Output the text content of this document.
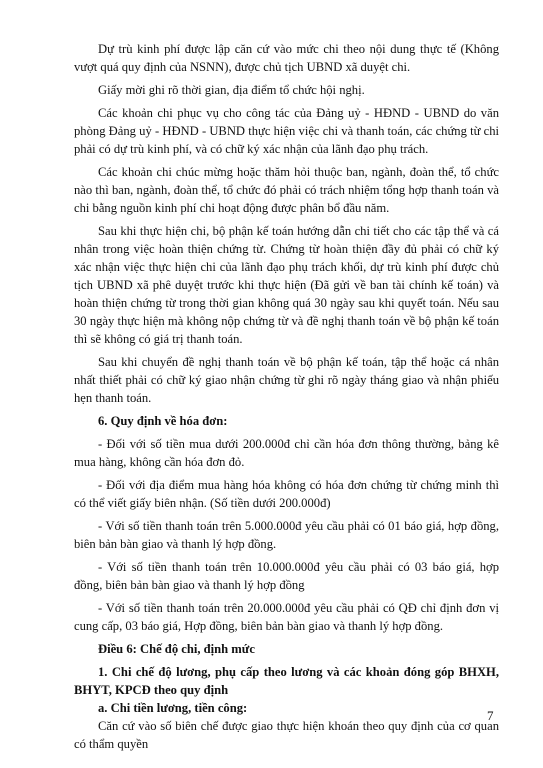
Dự trù kinh phí được lập căn cứ vào mức chi theo nội dung thực tế (Không vượt quá quy định của NSNN), được chủ tịch UBND xã duyệt chi.

Giấy mời ghi rõ thời gian, địa điểm tổ chức hội nghị.

Các khoản chi phục vụ cho công tác của Đảng uỷ - HĐND - UBND do văn phòng Đảng uỷ - HĐND - UBND thực hiện việc chi và thanh toán, các chứng từ chi phải có dự trù kinh phí, và có chữ ký xác nhận của lãnh đạo phụ trách.

Các khoản chi chúc mừng hoặc thăm hỏi thuộc ban, ngành, đoàn thể, tổ chức nào thì ban, ngành, đoàn thể, tổ chức đó phải có trách nhiệm tổng hợp thanh toán và chi bằng nguồn kinh phí chi hoạt động được phân bổ đầu năm.

Sau khi thực hiện chi, bộ phận kế toán hướng dẫn chi tiết cho các tập thể và cá nhân trong việc hoàn thiện chứng từ. Chứng từ hoàn thiện đầy đủ phải có chữ ký xác nhận việc thực hiện chi của lãnh đạo phụ trách khối, dự trù kinh phí được chủ tịch UBND xã phê duyệt trước khi thực hiện (Đã gửi về ban tài chính kế toán) và hoàn thiện chứng từ trong thời gian không quá 30 ngày sau khi quyết toán. Nếu sau 30 ngày thực hiện mà không nộp chứng từ và đề nghị thanh toán về bộ phận kế toán thì sẽ không có giá trị thanh toán.

Sau khi chuyển đề nghị thanh toán về bộ phận kế toán, tập thể hoặc cá nhân nhất thiết phải có chữ ký giao nhận chứng từ ghi rõ ngày tháng giao và nhận phiếu hẹn thanh toán.

6. Quy định về hóa đơn:

- Đối với số tiền mua dưới 200.000đ chỉ cần hóa đơn thông thường, bảng kê mua hàng, không cần hóa đơn đỏ.

- Đối với địa điểm mua hàng hóa không có hóa đơn chứng từ chứng minh thì có thể viết giấy biên nhận. (Số tiền dưới 200.000đ)

- Với số tiền thanh toán trên 5.000.000đ yêu cầu phải có 01 báo giá, hợp đồng, biên bản bàn giao và thanh lý hợp đồng.

- Với số tiền thanh toán trên 10.000.000đ yêu cầu phải có 03 báo giá, hợp đồng, biên bản bàn giao và thanh lý hợp đồng

- Với số tiền thanh toán trên 20.000.000đ yêu cầu phải có QĐ chỉ định đơn vị cung cấp, 03 báo giá, Hợp đồng, biên bản bàn giao và thanh lý hợp đồng.

Điều 6: Chế độ chi, định mức

1. Chi chế độ lương, phụ cấp theo lương và các khoản đóng góp BHXH, BHYT, KPCĐ theo quy định

a. Chi tiền lương, tiền công:

Căn cứ vào số biên chế được giao thực hiện khoán theo quy định của cơ quan có thẩm quyền

7
